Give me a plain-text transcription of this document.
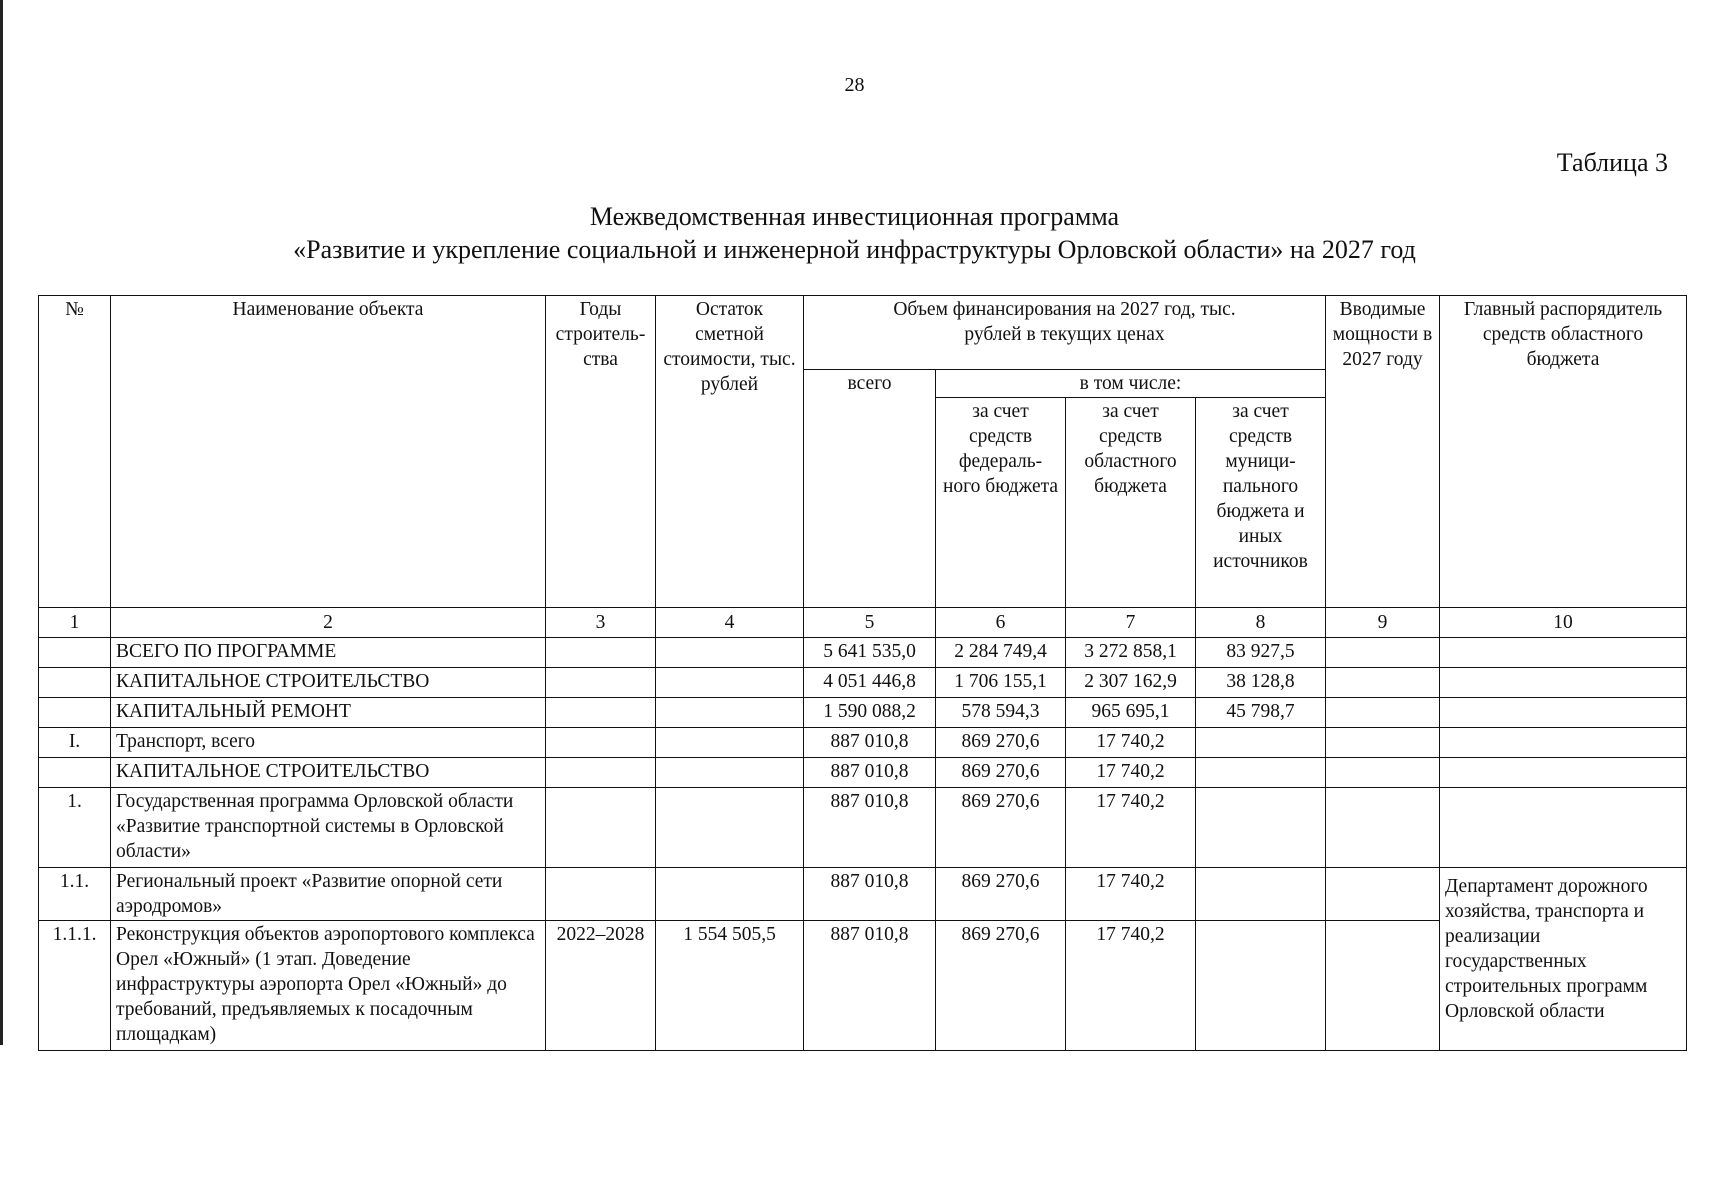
28
Таблица 3
Межведомственная инвестиционная программа
«Развитие и укрепление социальной и инженерной инфраструктуры Орловской области» на 2027 год
№	Наименование объекта	Годы строитель-ства	Остаток сметной стоимости, тыс. рублей	Объем финансирования на 2027 год, тыс. рублей в текущих ценах				Вводимые мощности в 2027 году	Главный распорядитель средств областного бюджета
				всего	в том числе:				
					за счет средств федераль-ного бюджета	за счет средств областного бюджета	за счет средств муници-пального бюджета и иных источников		
1	2	3	4	5	6	7	8	9	10
	ВСЕГО ПО ПРОГРАММЕ			5 641 535,0	2 284 749,4	3 272 858,1	83 927,5		
	КАПИТАЛЬНОЕ СТРОИТЕЛЬСТВО			4 051 446,8	1 706 155,1	2 307 162,9	38 128,8		
	КАПИТАЛЬНЫЙ РЕМОНТ			1 590 088,2	578 594,3	965 695,1	45 798,7		
I.	Транспорт, всего			887 010,8	869 270,6	17 740,2			
	КАПИТАЛЬНОЕ СТРОИТЕЛЬСТВО			887 010,8	869 270,6	17 740,2			
1.	Государственная программа Орловской области «Развитие транспортной системы в Орловской области»			887 010,8	869 270,6	17 740,2			
1.1.	Региональный проект «Развитие опорной сети аэродромов»			887 010,8	869 270,6	17 740,2			Департамент дорожного хозяйства, транспорта и реализации государственных строительных программ Орловской области
1.1.1.	Реконструкция объектов аэропортового комплекса Орел «Южный» (1 этап. Доведение инфраструктуры аэропорта Орел «Южный» до требований, предъявляемых к посадочным площадкам)	2022–2028	1 554 505,5	887 010,8	869 270,6	17 740,2			
